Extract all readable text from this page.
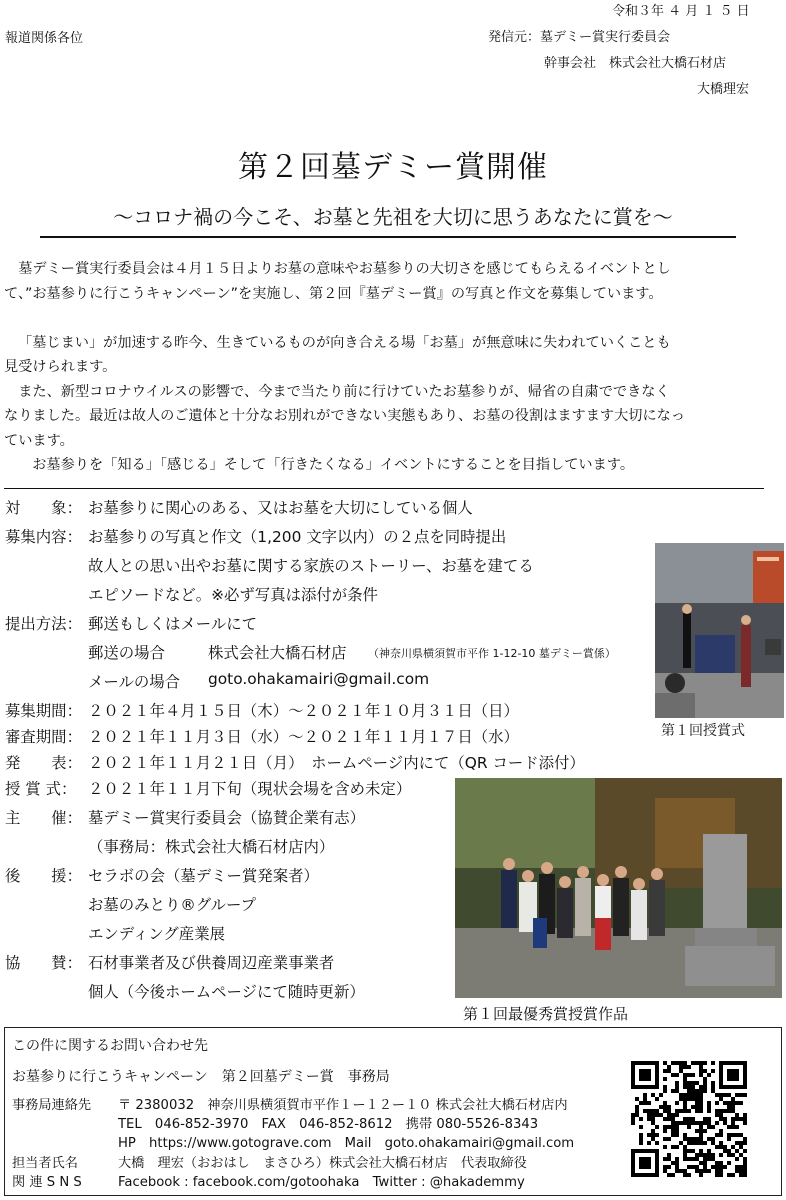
令和３年 ４ 月 １ ５ 日
報道関係各位	発信元：墓デミー賞実行委員会
幹事会社　株式会社大橋石材店
大橋理宏
第２回墓デミー賞開催
〜コロナ禍の今こそ、お墓と先祖を大切に思うあなたに賞を〜

　墓デミー賞実行委員会は４月１５日よりお墓の意味やお墓参りの大切さを感じてもらえるイベントとし

て、”お墓参りに行こうキャンペーン”を実施し、第２回『墓デミー賞』の写真と作文を募集しています。

「墓じまい」が加速する昨今、生きているものが向き合える場「お墓」が無意味に失われていくことも

見受けられます。

　また、新型コロナウイルスの影響で、今まで当たり前に行けていたお墓参りが、帰省の自粛でできなく

なりました。最近は故人のご遺体と十分なお別れができない実態もあり、お墓の役割はますます大切になっ

ています。

　お墓参りを「知る」「感じる」そして「行きたくなる」イベントにすることを目指しています。

対　　象： お墓参りに関心のある、又はお墓を大切にしている個人
募集内容： お墓参りの写真と作文（1,200 文字以内）の２点を同時提出
故人との思い出やお墓に関する家族のストーリー、お墓を建てる
エピソードなど。※必ず写真は添付が条件
提出方法： 郵送もしくはメールにて
郵送の場合	株式会社大橋石材店 （神奈川県横須賀市平作 1-12-10 墓デミー賞係）
メールの場合 goto.ohakamairi@gmail.com
募集期間： ２０２１年４月１５日（木）〜２０２１年１０月３１日（日）
審査期間： ２０２１年１１月３日（水）〜２０２１年１１月１７日（水）
発　　表： ２０２１年１１月２１日（月）　ホームページ内にて（QR コード添付）
授 賞 式： ２０２１年１１月下旬（現状会場を含め未定）
主　　催： 墓デミー賞実行委員会（協賛企業有志）
（事務局：株式会社大橋石材店内）
後　　援： セラボの会（墓デミー賞発案者）
お墓のみとり®グループ
エンディング産業展
協　　賛： 石材事業者及び供養周辺産業事業者
個人（今後ホームページにて随時更新）
第１回授賞式
第１回最優秀賞授賞作品
この件に関するお問い合わせ先
お墓参りに行こうキャンペーン　第２回墓デミー賞　事務局
事務局連絡先 〒 2380032　神奈川県横須賀市平作１ー１２ー１０ 株式会社大橋石材店内
TEL　046-852-3970　FAX　046-852-8612　携帯 080-5526-8343
HP　https://www.gotograve.com　Mail　goto.ohakamairi@gmail.com
担当者氏名	大橋　理宏（おおはし　まさひろ）株式会社大橋石材店　代表取締役
関 連 S N S	Facebook : facebook.com/gotoohaka　Twitter : @hakademmy
